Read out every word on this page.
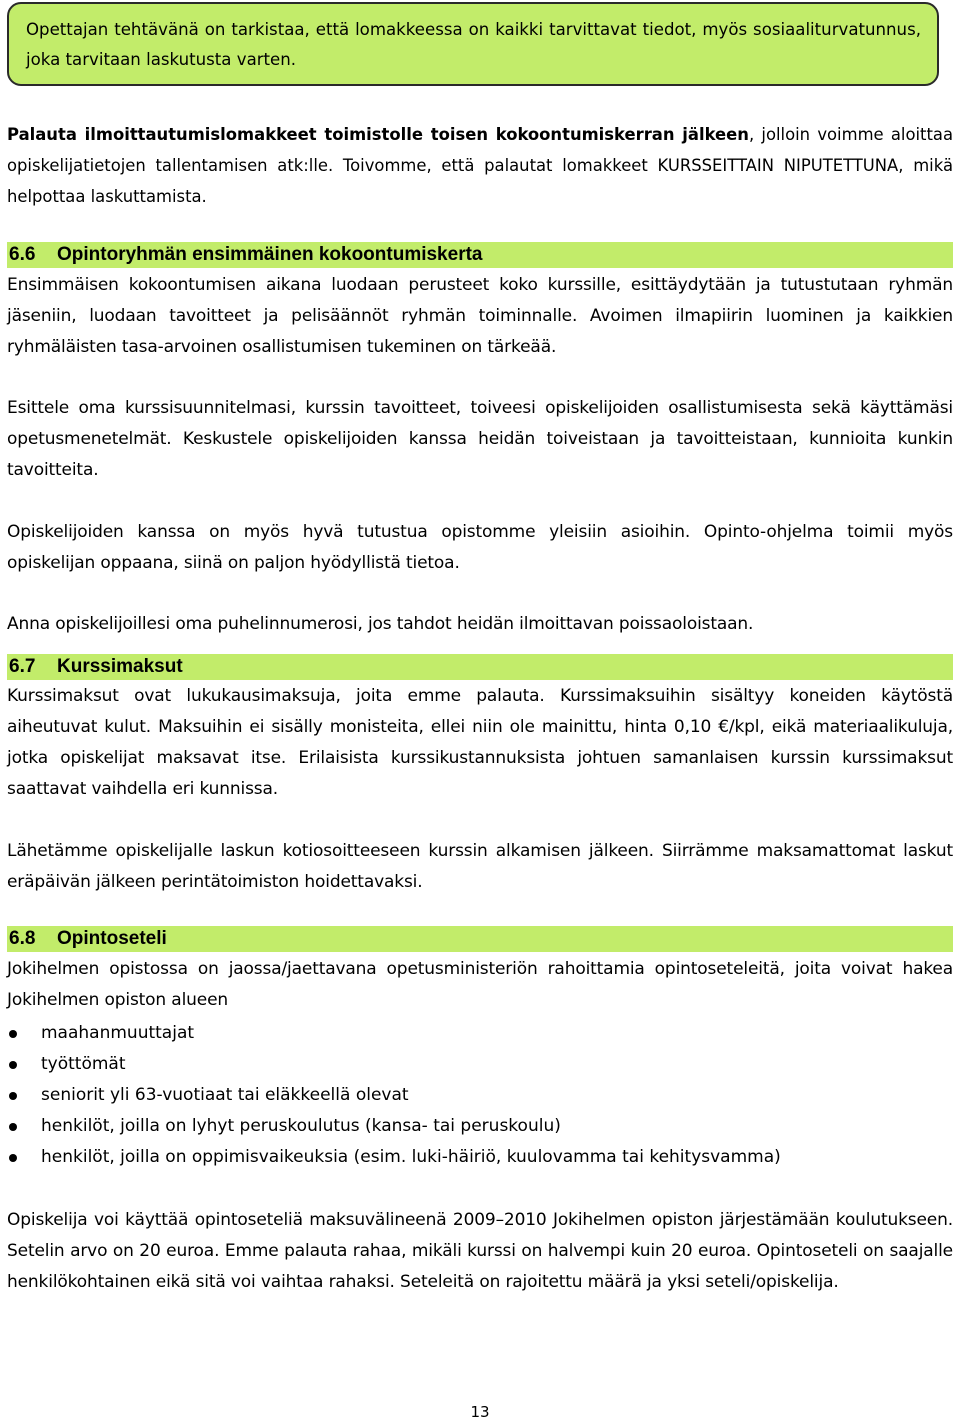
Opettajan tehtävänä on tarkistaa, että lomakkeessa on kaikki tarvittavat tiedot, myös sosiaaliturvatunnus, joka tarvitaan laskutusta varten.

Palauta ilmoittautumislomakkeet toimistolle toisen kokoontumiskerran jälkeen, jolloin voimme aloittaa opiskelijatietojen tallentamisen atk:lle. Toivomme, että palautat lomakkeet KURSSEITTAIN NIPUTETTUNA, mikä helpottaa laskuttamista.

6.6 Opintoryhmän ensimmäinen kokoontumiskerta

Ensimmäisen kokoontumisen aikana luodaan perusteet koko kurssille, esittäydytään ja tutustutaan ryhmän jäseniin, luodaan tavoitteet ja pelisäännöt ryhmän toiminnalle. Avoimen ilmapiirin luominen ja kaikkien ryhmäläisten tasa-arvoinen osallistumisen tukeminen on tärkeää.

Esittele oma kurssisuunnitelmasi, kurssin tavoitteet, toiveesi opiskelijoiden osallistumisesta sekä käyttämäsi opetusmenetelmät. Keskustele opiskelijoiden kanssa heidän toiveistaan ja tavoitteistaan, kunnioita kunkin tavoitteita.

Opiskelijoiden kanssa on myös hyvä tutustua opistomme yleisiin asioihin. Opinto-ohjelma toimii myös opiskelijan oppaana, siinä on paljon hyödyllistä tietoa.

Anna opiskelijoillesi oma puhelinnumerosi, jos tahdot heidän ilmoittavan poissaoloistaan.

6.7 Kurssimaksut

Kurssimaksut ovat lukukausimaksuja, joita emme palauta. Kurssimaksuihin sisältyy koneiden käytöstä aiheutuvat kulut. Maksuihin ei sisälly monisteita, ellei niin ole mainittu, hinta 0,10 €/kpl, eikä materiaalikuluja, jotka opiskelijat maksavat itse. Erilaisista kurssikustannuksista johtuen samanlaisen kurssin kurssimaksut saattavat vaihdella eri kunnissa.

Lähetämme opiskelijalle laskun kotiosoitteeseen kurssin alkamisen jälkeen. Siirrämme maksamattomat laskut eräpäivän jälkeen perintätoimiston hoidettavaksi.

6.8 Opintoseteli

Jokihelmen opistossa on jaossa/jaettavana opetusministeriön rahoittamia opintoseteleitä, joita voivat hakea Jokihelmen opiston alueen

maahanmuuttajat
työttömät
seniorit yli 63-vuotiaat tai eläkkeellä olevat
henkilöt, joilla on lyhyt peruskoulutus (kansa- tai peruskoulu)
henkilöt, joilla on oppimisvaikeuksia (esim. luki-häiriö, kuulovamma tai kehitysvamma)

Opiskelija voi käyttää opintoseteliä maksuvälineenä 2009–2010 Jokihelmen opiston järjestämään koulutukseen. Setelin arvo on 20 euroa. Emme palauta rahaa, mikäli kurssi on halvempi kuin 20 euroa. Opintoseteli on saajalle henkilökohtainen eikä sitä voi vaihtaa rahaksi. Seteleitä on rajoitettu määrä ja yksi seteli/opiskelija.

13
